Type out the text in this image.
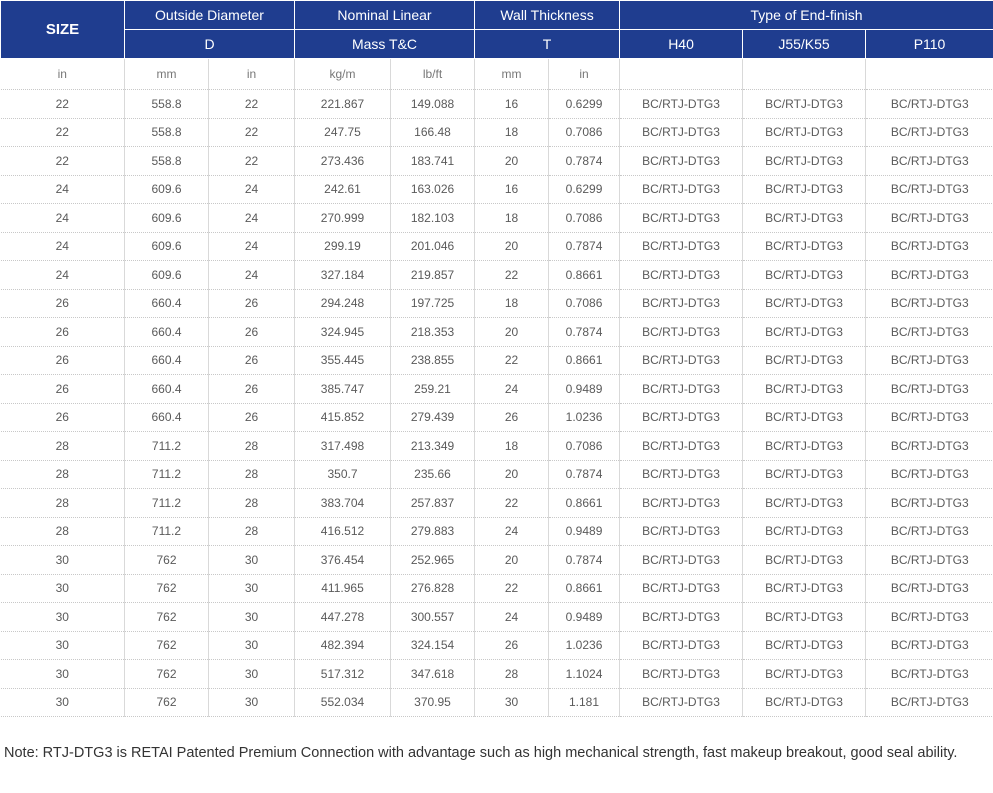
SIZE	Outside Diameter		Nominal Linear		Wall Thickness		Type of End-finish		
	D		Mass T&C		T		H40	J55/K55	P110
in	mm	in	kg/m	lb/ft	mm	in			
22	558.8	22	221.867	149.088	16	0.6299	BC/RTJ-DTG3	BC/RTJ-DTG3	BC/RTJ-DTG3
22	558.8	22	247.75	166.48	18	0.7086	BC/RTJ-DTG3	BC/RTJ-DTG3	BC/RTJ-DTG3
22	558.8	22	273.436	183.741	20	0.7874	BC/RTJ-DTG3	BC/RTJ-DTG3	BC/RTJ-DTG3
24	609.6	24	242.61	163.026	16	0.6299	BC/RTJ-DTG3	BC/RTJ-DTG3	BC/RTJ-DTG3
24	609.6	24	270.999	182.103	18	0.7086	BC/RTJ-DTG3	BC/RTJ-DTG3	BC/RTJ-DTG3
24	609.6	24	299.19	201.046	20	0.7874	BC/RTJ-DTG3	BC/RTJ-DTG3	BC/RTJ-DTG3
24	609.6	24	327.184	219.857	22	0.8661	BC/RTJ-DTG3	BC/RTJ-DTG3	BC/RTJ-DTG3
26	660.4	26	294.248	197.725	18	0.7086	BC/RTJ-DTG3	BC/RTJ-DTG3	BC/RTJ-DTG3
26	660.4	26	324.945	218.353	20	0.7874	BC/RTJ-DTG3	BC/RTJ-DTG3	BC/RTJ-DTG3
26	660.4	26	355.445	238.855	22	0.8661	BC/RTJ-DTG3	BC/RTJ-DTG3	BC/RTJ-DTG3
26	660.4	26	385.747	259.21	24	0.9489	BC/RTJ-DTG3	BC/RTJ-DTG3	BC/RTJ-DTG3
26	660.4	26	415.852	279.439	26	1.0236	BC/RTJ-DTG3	BC/RTJ-DTG3	BC/RTJ-DTG3
28	711.2	28	317.498	213.349	18	0.7086	BC/RTJ-DTG3	BC/RTJ-DTG3	BC/RTJ-DTG3
28	711.2	28	350.7	235.66	20	0.7874	BC/RTJ-DTG3	BC/RTJ-DTG3	BC/RTJ-DTG3
28	711.2	28	383.704	257.837	22	0.8661	BC/RTJ-DTG3	BC/RTJ-DTG3	BC/RTJ-DTG3
28	711.2	28	416.512	279.883	24	0.9489	BC/RTJ-DTG3	BC/RTJ-DTG3	BC/RTJ-DTG3
30	762	30	376.454	252.965	20	0.7874	BC/RTJ-DTG3	BC/RTJ-DTG3	BC/RTJ-DTG3
30	762	30	411.965	276.828	22	0.8661	BC/RTJ-DTG3	BC/RTJ-DTG3	BC/RTJ-DTG3
30	762	30	447.278	300.557	24	0.9489	BC/RTJ-DTG3	BC/RTJ-DTG3	BC/RTJ-DTG3
30	762	30	482.394	324.154	26	1.0236	BC/RTJ-DTG3	BC/RTJ-DTG3	BC/RTJ-DTG3
30	762	30	517.312	347.618	28	1.1024	BC/RTJ-DTG3	BC/RTJ-DTG3	BC/RTJ-DTG3
30	762	30	552.034	370.95	30	1.181	BC/RTJ-DTG3	BC/RTJ-DTG3	BC/RTJ-DTG3
Note: RTJ-DTG3 is RETAI Patented Premium Connection with advantage such as high mechanical strength, fast makeup breakout, good seal ability.
